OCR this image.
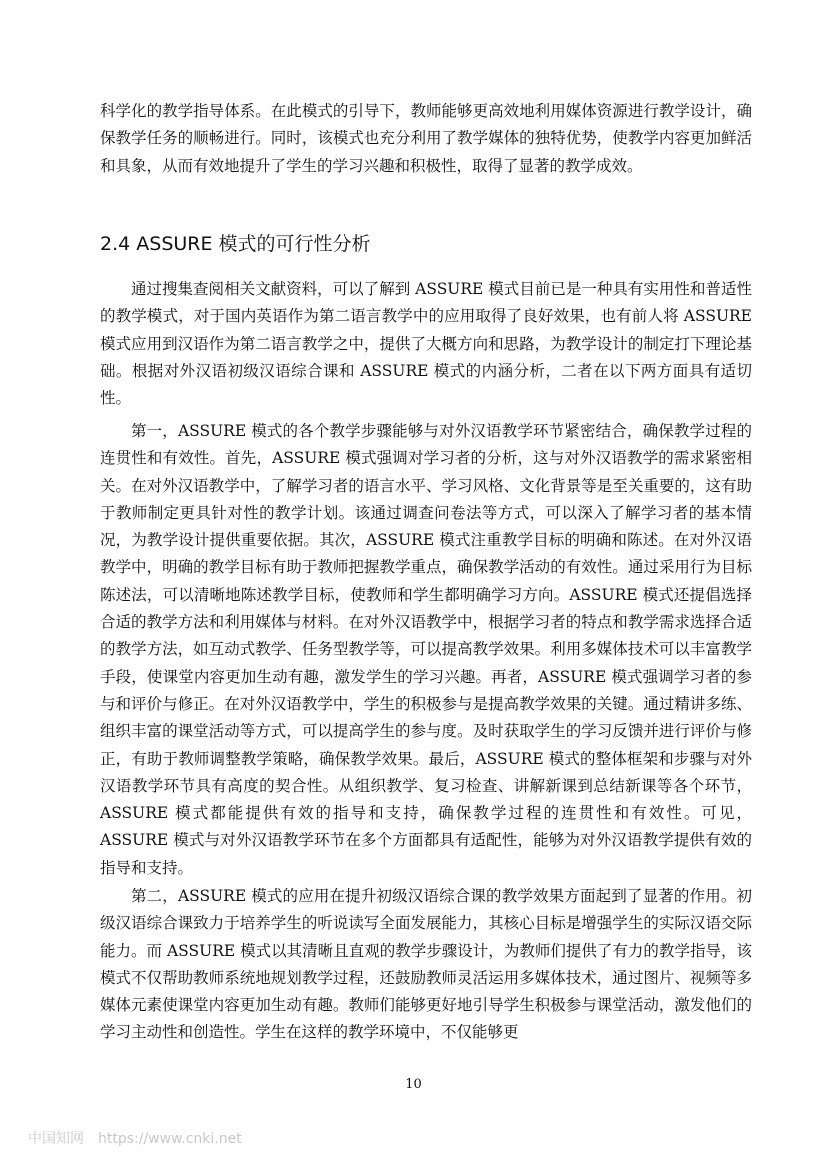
科学化的教学指导体系。在此模式的引导下，教师能够更高效地利用媒体资源进行教学设计，确保教学任务的顺畅进行。同时，该模式也充分利用了教学媒体的独特优势，使教学内容更加鲜活和具象，从而有效地提升了学生的学习兴趣和积极性，取得了显著的教学成效。

2.4 ASSURE 模式的可行性分析

通过搜集查阅相关文献资料，可以了解到 ASSURE 模式目前已是一种具有实用性和普适性的教学模式，对于国内英语作为第二语言教学中的应用取得了良好效果，也有前人将 ASSURE 模式应用到汉语作为第二语言教学之中，提供了大概方向和思路，为教学设计的制定打下理论基础。根据对外汉语初级汉语综合课和 ASSURE 模式的内涵分析，二者在以下两方面具有适切性。

第一，ASSURE 模式的各个教学步骤能够与对外汉语教学环节紧密结合，确保教学过程的连贯性和有效性。首先，ASSURE 模式强调对学习者的分析，这与对外汉语教学的需求紧密相关。在对外汉语教学中，了解学习者的语言水平、学习风格、文化背景等是至关重要的，这有助于教师制定更具针对性的教学计划。该通过调查问卷法等方式，可以深入了解学习者的基本情况，为教学设计提供重要依据。其次，ASSURE 模式注重教学目标的明确和陈述。在对外汉语教学中，明确的教学目标有助于教师把握教学重点，确保教学活动的有效性。通过采用行为目标陈述法，可以清晰地陈述教学目标，使教师和学生都明确学习方向。ASSURE 模式还提倡选择合适的教学方法和利用媒体与材料。在对外汉语教学中，根据学习者的特点和教学需求选择合适的教学方法，如互动式教学、任务型教学等，可以提高教学效果。利用多媒体技术可以丰富教学手段，使课堂内容更加生动有趣，激发学生的学习兴趣。再者，ASSURE 模式强调学习者的参与和评价与修正。在对外汉语教学中，学生的积极参与是提高教学效果的关键。通过精讲多练、组织丰富的课堂活动等方式，可以提高学生的参与度。及时获取学生的学习反馈并进行评价与修正，有助于教师调整教学策略，确保教学效果。最后，ASSURE 模式的整体框架和步骤与对外汉语教学环节具有高度的契合性。从组织教学、复习检查、讲解新课到总结新课等各个环节，ASSURE 模式都能提供有效的指导和支持，确保教学过程的连贯性和有效性。可见，ASSURE 模式与对外汉语教学环节在多个方面都具有适配性，能够为对外汉语教学提供有效的指导和支持。

第二，ASSURE 模式的应用在提升初级汉语综合课的教学效果方面起到了显著的作用。初级汉语综合课致力于培养学生的听说读写全面发展能力，其核心目标是增强学生的实际汉语交际能力。而 ASSURE 模式以其清晰且直观的教学步骤设计，为教师们提供了有力的教学指导，该模式不仅帮助教师系统地规划教学过程，还鼓励教师灵活运用多媒体技术，通过图片、视频等多媒体元素使课堂内容更加生动有趣。教师们能够更好地引导学生积极参与课堂活动，激发他们的学习主动性和创造性。学生在这样的教学环境中，不仅能够更

10
中国知网 https://www.cnki.net
